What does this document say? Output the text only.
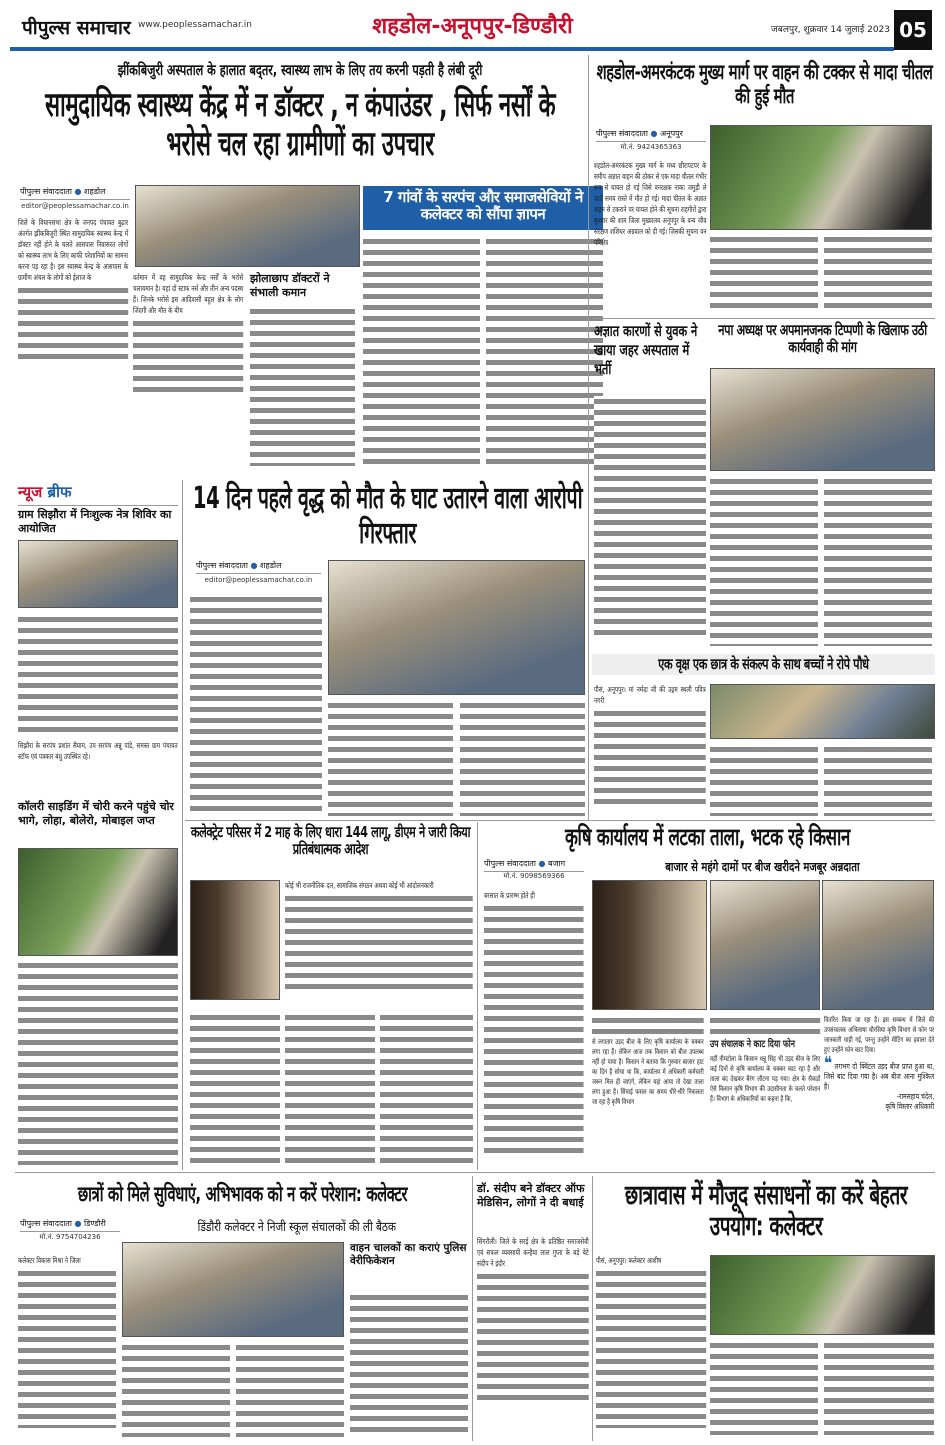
पीपुल्स समाचार www.peoplessamachar.in	शहडोल-अनूपपुर-डिण्डौरी	जबलपुर, शुक्रवार 14 जुलाई 2023 05
झींकबिजुरी अस्पताल के हालात बद्तर, स्वास्थ्य लाभ के लिए तय करनी पड़ती है लंबी दूरी
सामुदायिक स्वास्थ्य केंद्र में न डॉक्टर , न कंपाउंडर , सिर्फ नर्सों के भरोसे चल रहा ग्रामीणों का उपचार
पीपुल्स संवाददाता ● शहडोल
editor@peoplessamachar.co.in	7 गांवों के सरपंच और समाजसेवियों ने कलेक्टर को सौंपा ज्ञापन
जिले के विधानसभा क्षेत्र के जनपद पंचायत बुढ़ार अंतर्गत झींकबिजुरी स्थित सामुदायिक स्वास्थ्य केन्द्र में डॉक्टर नहीं होने के चलते आसपास निवासरत लोगों को स्वास्थ्य लाभ के लिए काफी परेशानियों का सामना करना पड़ रहा है। इस स्वास्थ्य केन्द्र के आसपास के ग्रामीण अंचल के लोगों को ईलाज के	वर्तमान में वह सामुदायिक केन्द्र नर्सों के भरोसे चलायमान है। यहां दो स्टाफ नर्स और तीन अन्य पदस्थ हैं। जिनके भरोसे इस आदिवासी बहुल क्षेत्र के लोग जिंदगी और मौत के बीच
झोलाछाप डॉक्टरों ने संभाली कमान
शहडोल-अमरकंटक मुख्य मार्ग पर वाहन की टक्कर से मादा चीतल की हुई मौत
पीपुल्स संवाददाता ● अनूपपुर
मो.नं. 9424365363
शहडोल-अमरकंटक मुख्य मार्ग के मध्य छीरापटपर के समीप अज्ञात वाहन की ठोकर से एक मादा चीतल गंभीर रूप से घायल हो गई जिसे वनरक्षक नाका जमुड़ी ले जाते समय रास्ते में मौत हो गई। मादा चीतल के अज्ञात वाहन से टकराने पर घायल होने की सूचना राहगीरों द्वारा बुधवार की शाम जिला मुख्यालय अनूपपुर के वन्य जीव संरक्षण शशिधर अग्रवाल को दी गई। जिसकी सूचना वन परिक्षेत्र
अज्ञात कारणों से युवक ने खाया जहर अस्पताल में भर्ती
नपा अध्यक्ष पर अपमानजनक टिप्पणी के खिलाफ उठी कार्यवाही की मांग
एक वृक्ष एक छात्र के संकल्प के साथ बच्चों ने रोपे पौधे
पीसं, अनूपपुर। मां नर्मदा जी की उद्गम स्थली पवित्र नगरी
न्यूज ब्रीफ
ग्राम सिझौरा में निःशुल्क नेत्र शिविर का आयोजित
सिझौरा के सरपंच प्रशांत सैयाम, उप सरपंच अन्नू पांडे, समस्त ग्राम पंचायत स्टॉफ एवं पत्रकार बंधु उपस्थित रहे।
कॉलरी साइडिंग में चोरी करने पहुंचे चोर भागे, लोहा, बोलेरो, मोबाइल जप्त
14 दिन पहले वृद्ध को मौत के घाट उतारने वाला आरोपी गिरफ्तार
पीपुल्स संवाददाता ● शहडोल
editor@peoplessamachar.co.in
कलेक्ट्रेट परिसर में 2 माह के लिए धारा 144 लागू, डीएम ने जारी किया प्रतिबंधात्मक आदेश
कोई भी राजनीतिक दल, सामाजिक संगठन अथवा कोई भी आंदोलनकारी
कृषि कार्यालय में लटका ताला, भटक रहे किसान
बाजार से महंगे दामों पर बीज खरीदने मजबूर अन्नदाता
पीपुल्स संवाददाता ● बजाग
मो.नं. 9098569366
बरसात के प्रारम्भ होते ही
से लगातार उड़द बीज के लिए कृषि कार्यालय के चक्कर लगा रहा हैं। लेकिन आज तक किसान को बीज उपलब्ध नहीं हो पाया है। किसान ने बताया कि गुरुवार बाजार हाट का दिन है सोचा था कि, कार्यालय में अधिकारी कर्मचारी जरूर मिल ही जाएंगे, लेकिन यहां आया तो देखा ताला लगा हुआ है। सिंचाई फसल का समय धीरे-धीरे निकलता जा रहा है कृषि विभाग
उप संचालक ने काट दिया फोन
यहीं नीमटोला के किसान धन्नू सिंह भी उड़द बीज के लिए कई दिनों से कृषि कार्यालय के चक्कर काट रहा है और ताला बंद देखकर बैरंग लौटना पड़ गया। क्षेत्र के सैकड़ों ऐसे किसान कृषि विभाग की उदासीनता के चलते परेशान हैं। विभाग के अधिकारियों का कहना है कि,
वितरित किया जा रहा है। इस सम्बन्ध में जिले की उपसंचालक अभिलाषा चौरसिया कृषि विभाग से फोन पर जानकारी चाही गई, परन्तु उन्होंने मीटिंग का हवाला देते हुए उन्होंने फोन काट दिया।
❝ लगभग दो क्विंटल उड़द बीज प्राप्त हुआ था, जिसे बांट दिया गया है। अब बीज आना मुश्किल है।
-रामसहाय चंदेल,
कृषि विस्तार अधिकारी
छात्रों को मिले सुविधाएं, अभिभावक को न करें परेशान: कलेक्टर
पीपुल्स संवाददाता ● डिण्डौरी
मो.नं. 9754704236
डिंडौरी कलेक्टर ने निजी स्कूल संचालकों की ली बैठक
कलेक्टर विकास मिश्रा ने जिला
वाहन चालकों का कराएं पुलिस वेरीफिकेशन
डॉ. संदीप बने डॉक्टर ऑफ मेडिसिन, लोगों ने दी बधाई
सिंगरौली। जिले के सरई क्षेत्र के प्रतिष्ठित समाजसेवी एवं सफल व्यवसायी कन्हैया लाल गुप्ता के बड़े बेटे संदीप ने इंदौर
छात्रावास में मौजूद संसाधनों का करें बेहतर उपयोग: कलेक्टर
पीसं, अनूपपुर। कलेक्टर आशीष
